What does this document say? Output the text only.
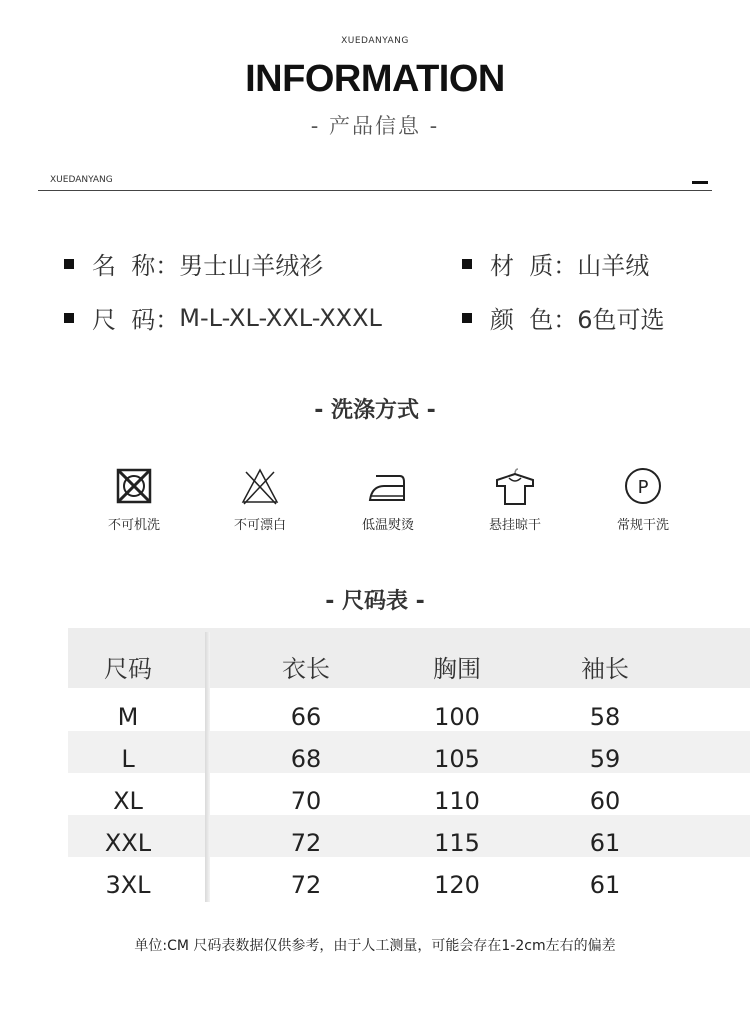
XUEDANYANG
INFORMATION
- 产品信息 -
XUEDANYANG
名  称： 男士山羊绒衫	材  质： 山羊绒
尺  码： M-L-XL-XXL-XXXL	颜  色： 6色可选
- 洗涤方式 -
不可机洗	不可漂白	低温熨烫	悬挂晾干
P
常规干洗
- 尺码表 -
尺码	衣长	胸围	袖长
M	66	100	58
L	68	105	59
XL	70	110	60
XXL	72	115	61
3XL	72	120	61
单位:CM 尺码表数据仅供参考，由于人工测量，可能会存在1-2cm左右的偏差
